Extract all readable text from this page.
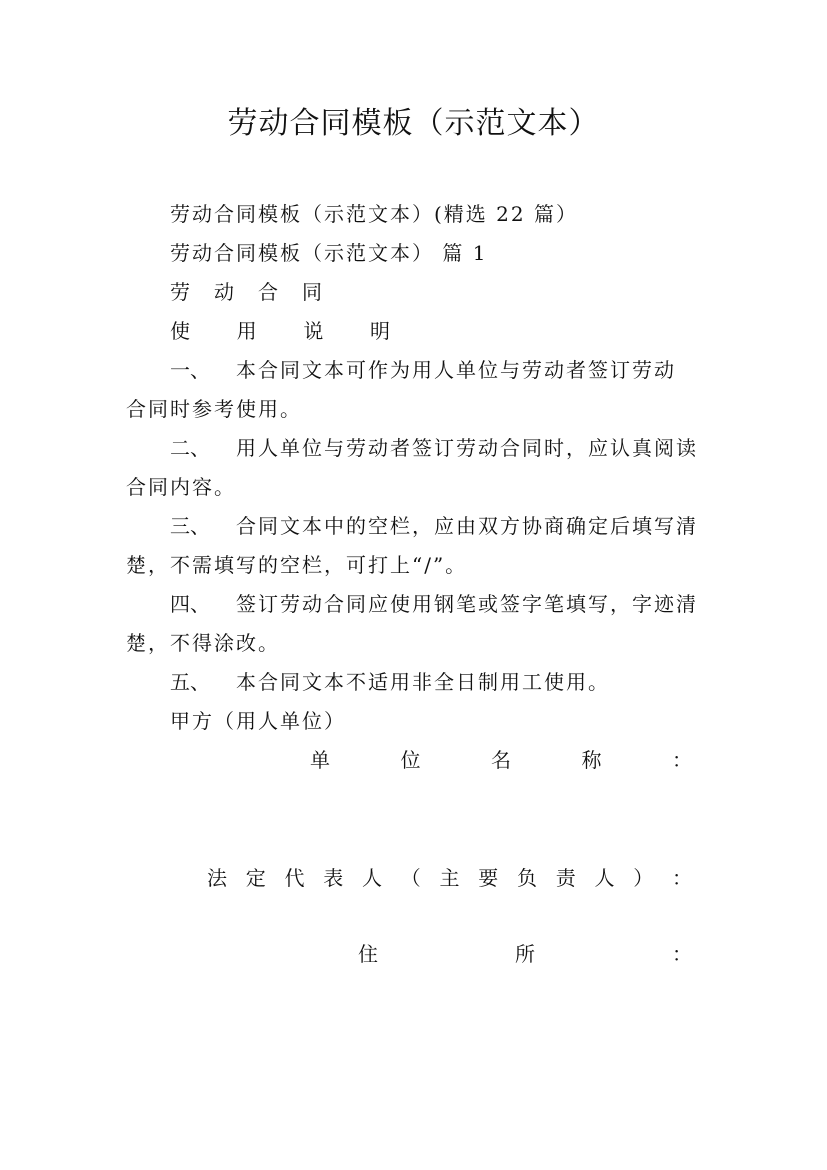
劳动合同模板（示范文本）
劳动合同模板（示范文本）(精选 22 篇）
劳动合同模板（示范文本） 篇 1
劳 动 合 同
使 用 说 明
一、 本合同文本可作为用人单位与劳动者签订劳动
合同时参考使用。
二、 用人单位与劳动者签订劳动合同时，应认真阅读
合同内容。
三、 合同文本中的空栏，应由双方协商确定后填写清
楚，不需填写的空栏，可打上“/”。
四、 签订劳动合同应使用钢笔或签字笔填写，字迹清
楚，不得涂改。
五、 本合同文本不适用非全日制用工使用。
甲方（用人单位）
单	位	名	称	：
法 定 代 表 人 （ 主 要 负 责 人 ） ：
住	所	：
